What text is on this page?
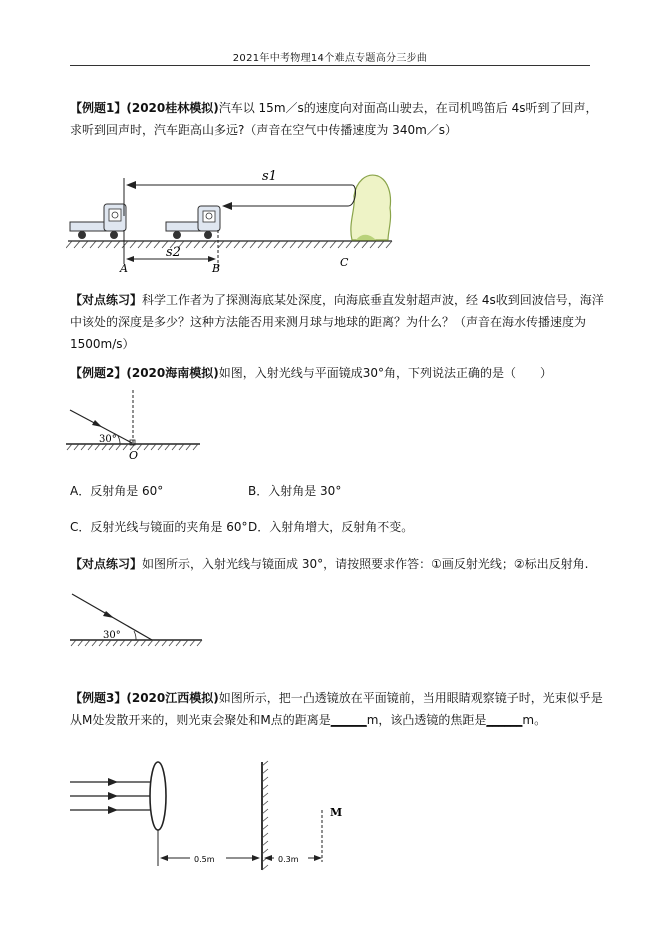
2021年中考物理14个难点专题高分三步曲
【例题1】(2020桂林模拟)汽车以 15m／s的速度向对面高山驶去，在司机鸣笛后 4s听到了回声，求听到回声时，汽车距高山多远?（声音在空气中传播速度为 340m／s）
s1
s2
A	B	C
【对点练习】科学工作者为了探测海底某处深度，向海底垂直发射超声波，经 4s收到回波信号，海洋中该处的深度是多少？这种方法能否用来测月球与地球的距离？为什么？（声音在海水传播速度为 1500m/s）
【例题2】(2020海南模拟)如图，入射光线与平面镜成30°角，下列说法正确的是（　　）
30°
O
A．反射角是 60°	B．入射角是 30°
C．反射光线与镜面的夹角是 60° D．入射角增大，反射角不变。
【对点练习】如图所示，入射光线与镜面成 30°，请按照要求作答：①画反射光线；②标出反射角.
30°
【例题3】(2020江西模拟)如图所示，把一凸透镜放在平面镜前，当用眼睛观察镜子时，光束似乎是从M处发散开来的，则光束会聚处和M点的距离是______m，该凸透镜的焦距是______m。
M
0.5m	0.3m
